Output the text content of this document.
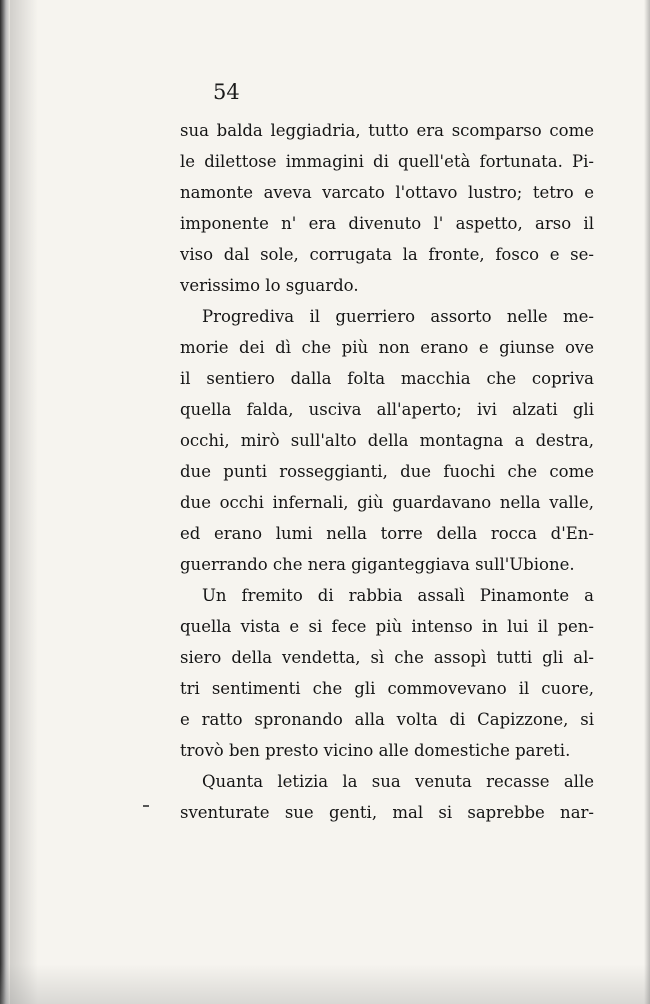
54

sua balda leggiadria, tutto era scomparso come
le dilettose immagini di quell'età fortunata. Pi-
namonte aveva varcato l'ottavo lustro; tetro e
imponente n' era divenuto l' aspetto, arso il
viso dal sole, corrugata la fronte, fosco e se-
verissimo lo sguardo.
Progrediva il guerriero assorto nelle me-
morie dei dì che più non erano e giunse ove
il sentiero dalla folta macchia che copriva
quella falda, usciva all'aperto; ivi alzati gli
occhi, mirò sull'alto della montagna a destra,
due punti rosseggianti, due fuochi che come
due occhi infernali, giù guardavano nella valle,
ed erano lumi nella torre della rocca d'En-
guerrando che nera giganteggiava sull'Ubione.
Un fremito di rabbia assalì Pinamonte a
quella vista e si fece più intenso in lui il pen-
siero della vendetta, sì che assopì tutti gli al-
tri sentimenti che gli commovevano il cuore,
e ratto spronando alla volta di Capizzone, si
trovò ben presto vicino alle domestiche pareti.
Quanta letizia la sua venuta recasse alle
sventurate sue genti, mal si saprebbe nar-
